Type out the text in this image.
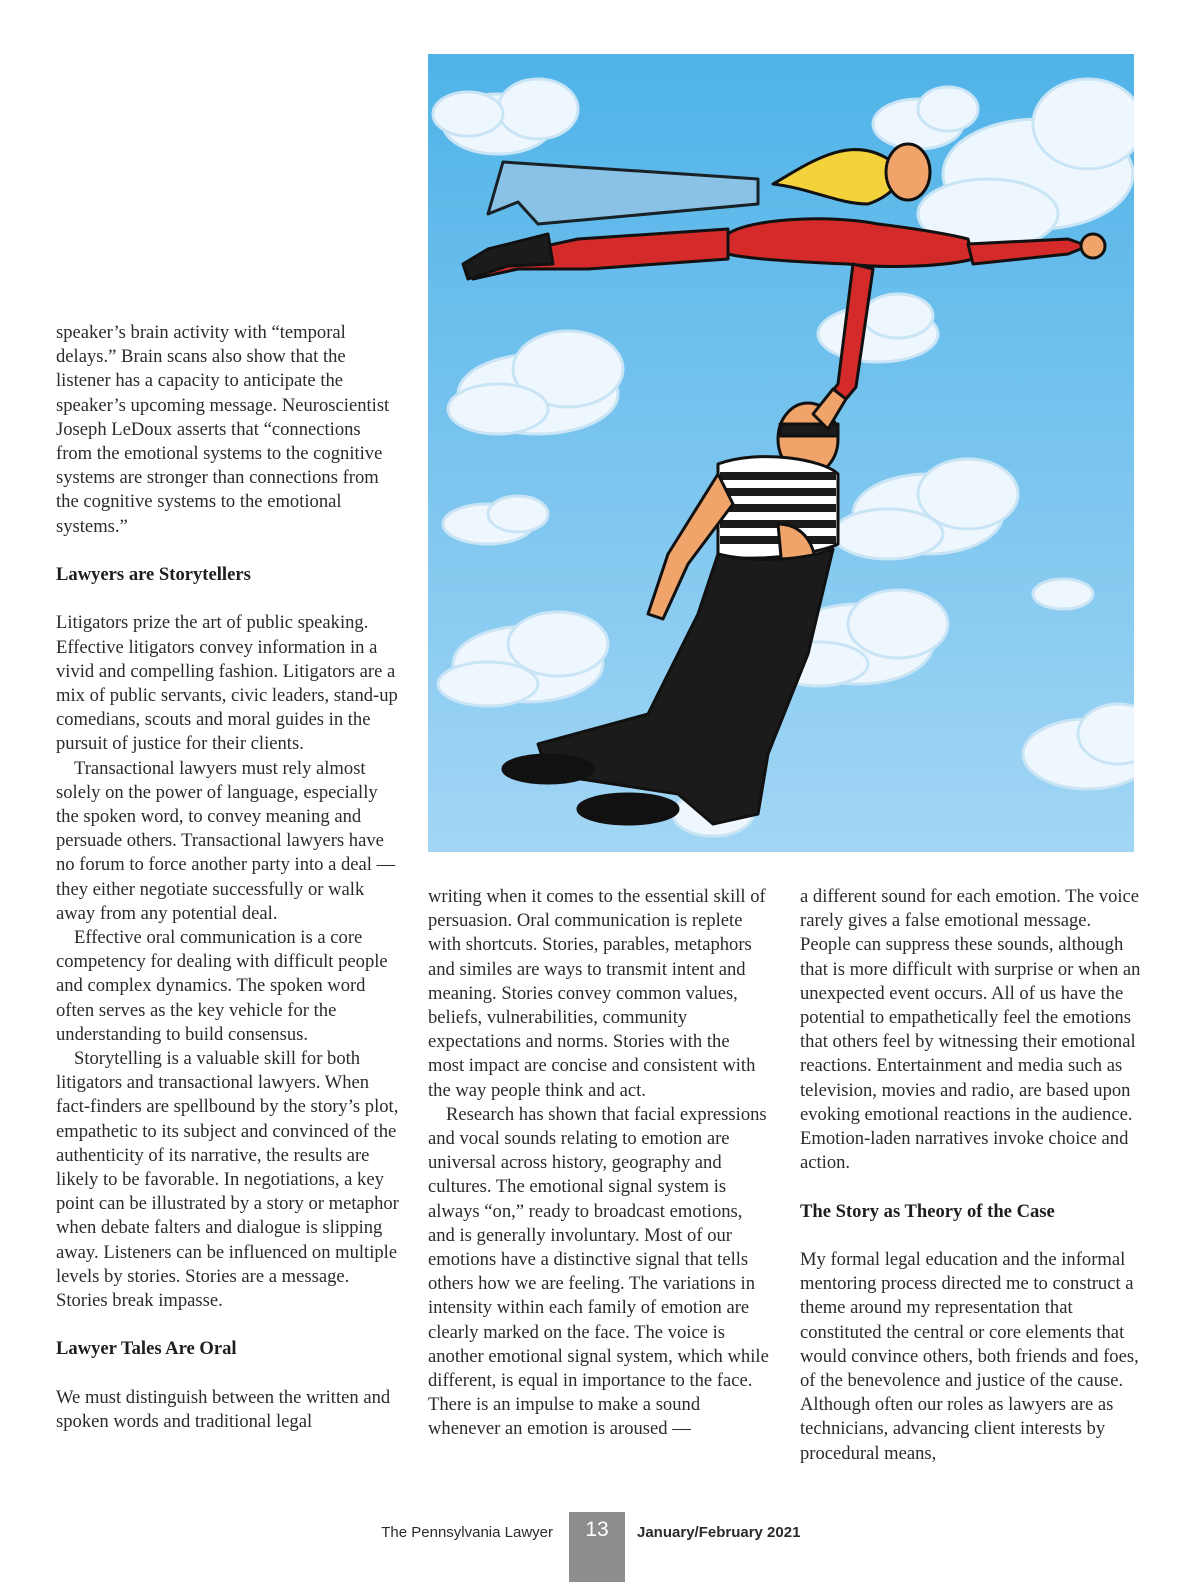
speaker’s brain activity with “temporal delays.” Brain scans also show that the listener has a capacity to anticipate the speaker’s upcoming message. Neuroscientist Joseph LeDoux asserts that “connections from the emotional systems to the cognitive systems are stronger than connections from the cognitive systems to the emotional systems.”

Lawyers are Storytellers

Litigators prize the art of public speaking. Effective litigators convey information in a vivid and compelling fashion. Litigators are a mix of public servants, civic leaders, stand-up comedians, scouts and moral guides in the pursuit of justice for their clients.

Transactional lawyers must rely almost solely on the power of language, especially the spoken word, to convey meaning and persuade others. Transactional lawyers have no forum to force another party into a deal — they either negotiate successfully or walk away from any potential deal.

Effective oral communication is a core competency for dealing with difficult people and complex dynamics. The spoken word often serves as the key vehicle for the understanding to build consensus.

Storytelling is a valuable skill for both litigators and transactional lawyers. When fact-finders are spellbound by the story’s plot, empathetic to its subject and convinced of the authenticity of its narrative, the results are likely to be favorable. In negotiations, a key point can be illustrated by a story or metaphor when debate falters and dialogue is slipping away. Listeners can be influenced on multiple levels by stories. Stories are a message. Stories break impasse.

Lawyer Tales Are Oral

We must distinguish between the written and spoken words and traditional legal

writing when it comes to the essential skill of persuasion. Oral communication is replete with shortcuts. Stories, parables, metaphors and similes are ways to transmit intent and meaning. Stories convey common values, beliefs, vulnerabilities, community expectations and norms. Stories with the most impact are concise and consistent with the way people think and act.

Research has shown that facial expressions and vocal sounds relating to emotion are universal across history, geography and cultures. The emotional signal system is always “on,” ready to broadcast emotions, and is generally involuntary. Most of our emotions have a distinctive signal that tells others how we are feeling. The variations in intensity within each family of emotion are clearly marked on the face. The voice is another emotional signal system, which while different, is equal in importance to the face. There is an impulse to make a sound whenever an emotion is aroused —

a different sound for each emotion. The voice rarely gives a false emotional message. People can suppress these sounds, although that is more difficult with surprise or when an unexpected event occurs. All of us have the potential to empathetically feel the emotions that others feel by witnessing their emotional reactions. Entertainment and media such as television, movies and radio, are based upon evoking emotional reactions in the audience. Emotion-laden narratives invoke choice and action.

The Story as Theory of the Case

My formal legal education and the informal mentoring process directed me to construct a theme around my representation that constituted the central or core elements that would convince others, both friends and foes, of the benevolence and justice of the cause. Although often our roles as lawyers are as technicians, advancing client interests by procedural means,

The Pennsylvania Lawyer	13	January/February 2021
